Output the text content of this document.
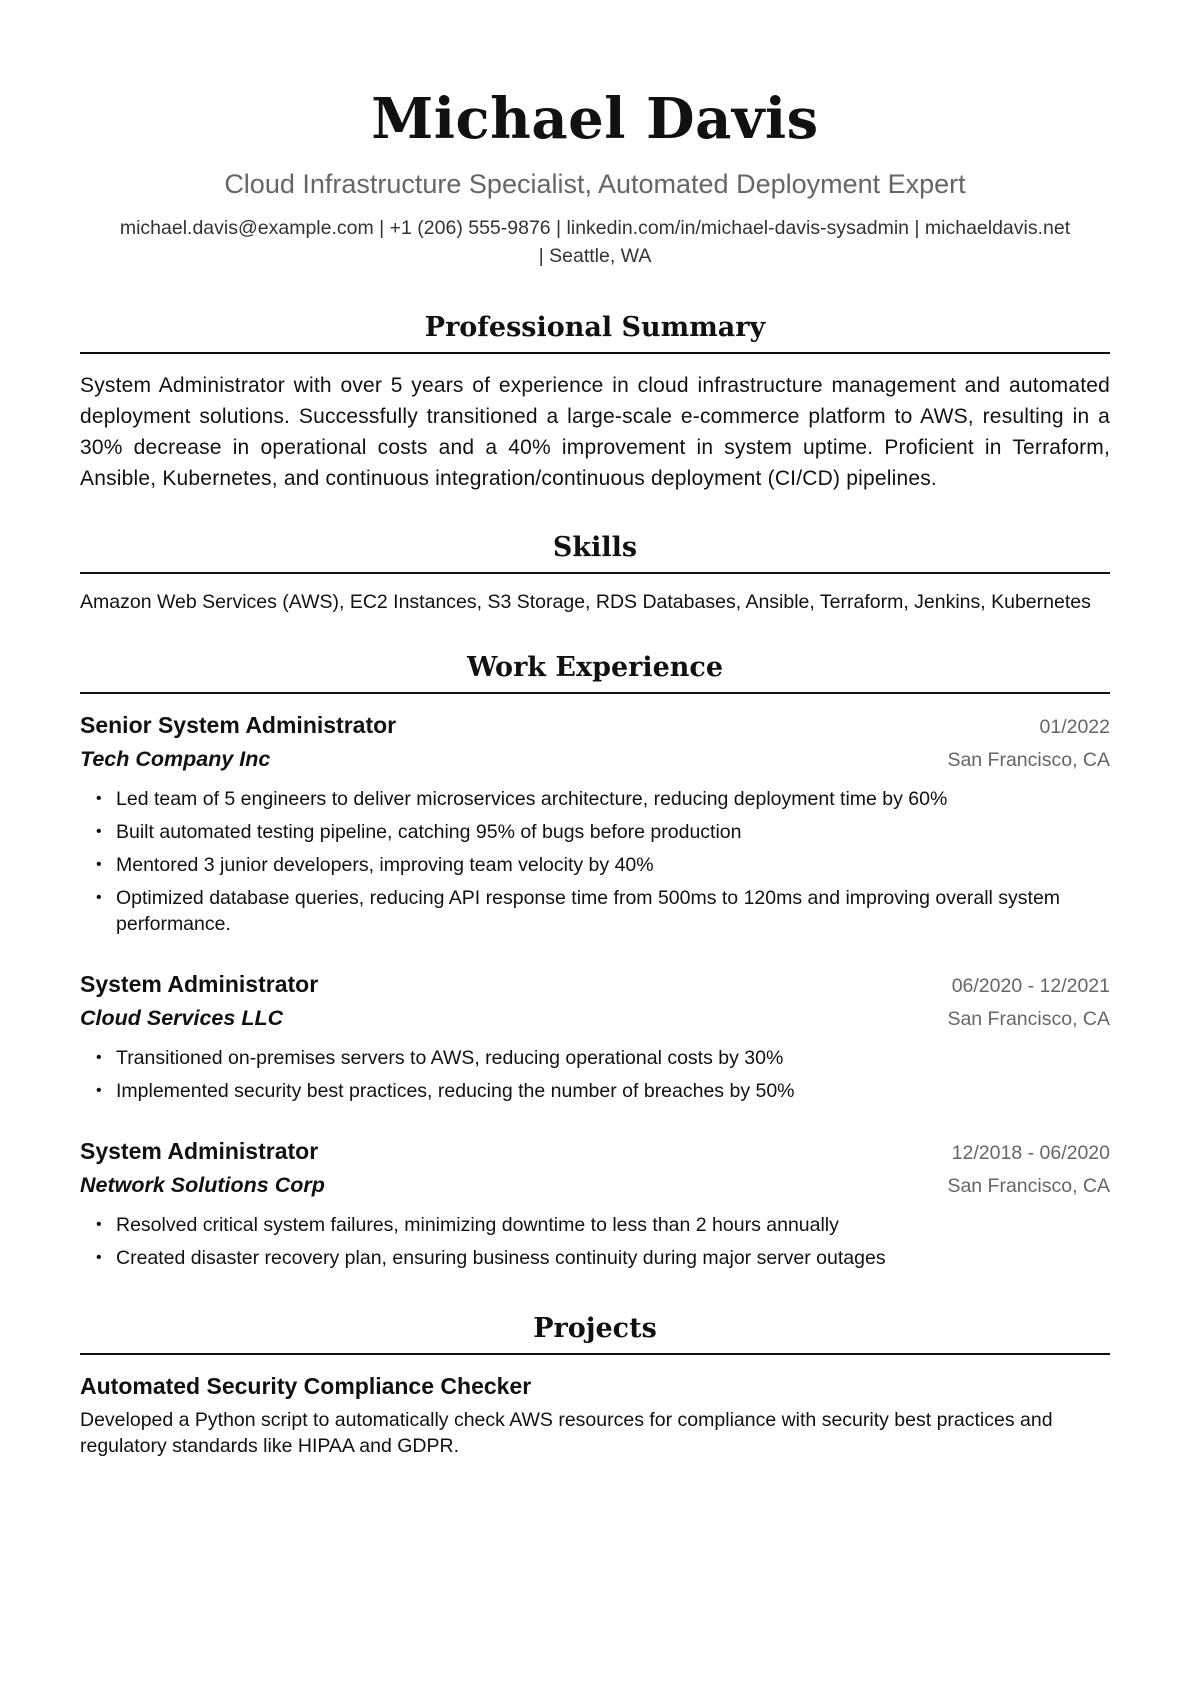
Michael Davis
Cloud Infrastructure Specialist, Automated Deployment Expert
michael.davis@example.com | +1 (206) 555-9876 | linkedin.com/in/michael-davis-sysadmin | michaeldavis.net
| Seattle, WA
Professional Summary
System Administrator with over 5 years of experience in cloud infrastructure management and automated deployment solutions. Successfully transitioned a large-scale e-commerce platform to AWS, resulting in a 30% decrease in operational costs and a 40% improvement in system uptime. Proficient in Terraform, Ansible, Kubernetes, and continuous integration/continuous deployment (CI/CD) pipelines.
Skills
Amazon Web Services (AWS), EC2 Instances, S3 Storage, RDS Databases, Ansible, Terraform, Jenkins, Kubernetes
Work Experience
Senior System Administrator	01/2022
Tech Company Inc	San Francisco, CA
• Led team of 5 engineers to deliver microservices architecture, reducing deployment time by 60%
• Built automated testing pipeline, catching 95% of bugs before production
• Mentored 3 junior developers, improving team velocity by 40%
• Optimized database queries, reducing API response time from 500ms to 120ms and improving overall system performance.
System Administrator	06/2020 - 12/2021
Cloud Services LLC	San Francisco, CA
• Transitioned on-premises servers to AWS, reducing operational costs by 30%
• Implemented security best practices, reducing the number of breaches by 50%
System Administrator	12/2018 - 06/2020
Network Solutions Corp	San Francisco, CA
• Resolved critical system failures, minimizing downtime to less than 2 hours annually
• Created disaster recovery plan, ensuring business continuity during major server outages
Projects
Automated Security Compliance Checker
Developed a Python script to automatically check AWS resources for compliance with security best practices and regulatory standards like HIPAA and GDPR.
